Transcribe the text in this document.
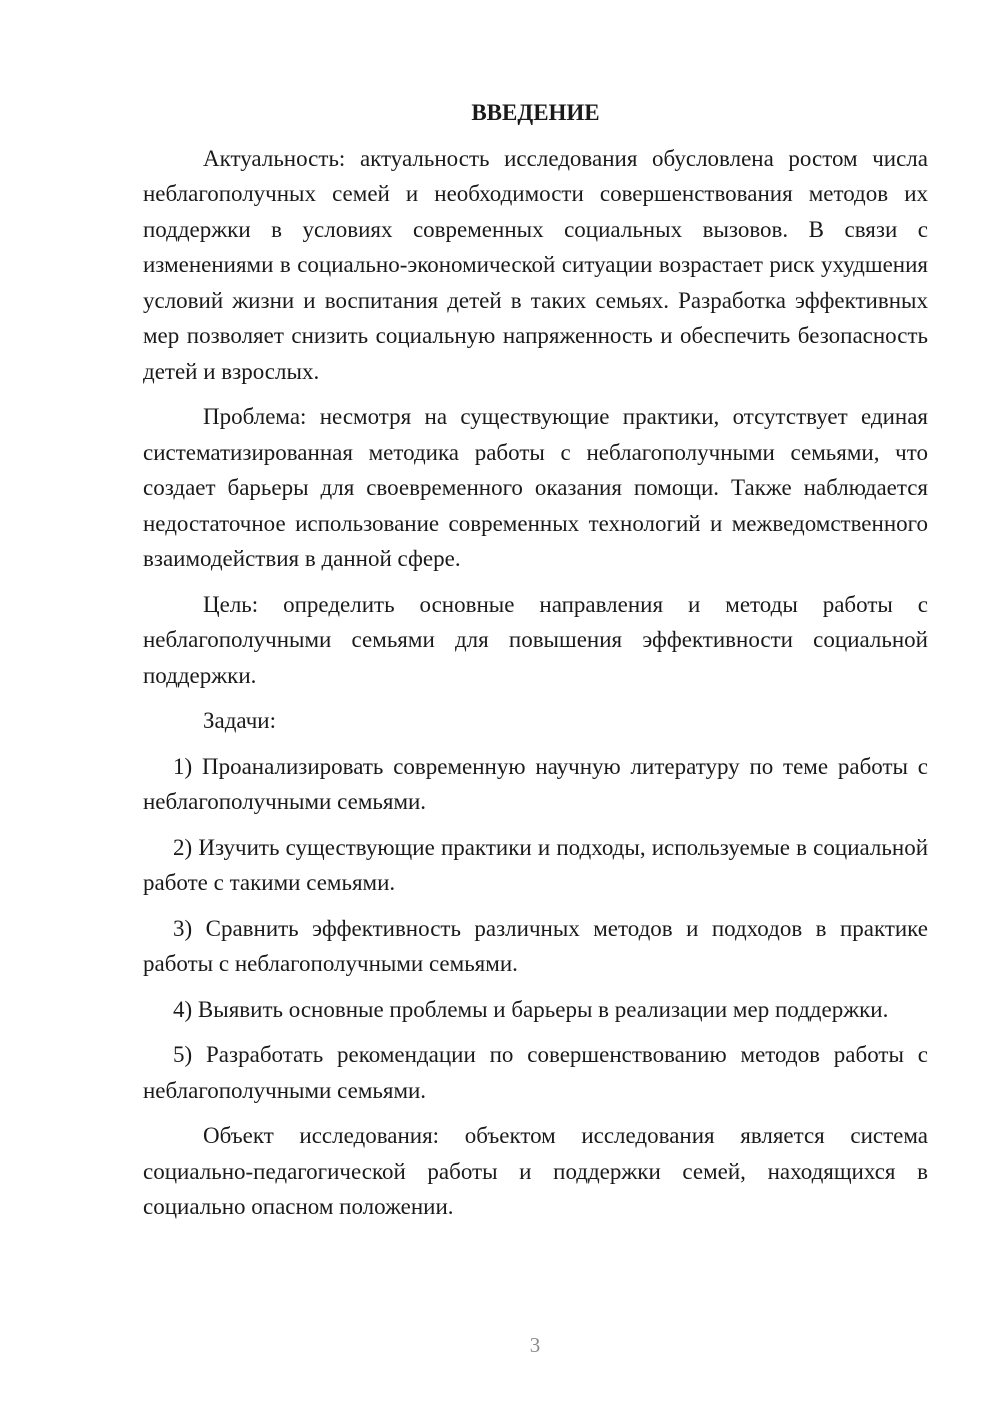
ВВЕДЕНИЕ

Актуальность: актуальность исследования обусловлена ростом числа неблагополучных семей и необходимости совершенствования методов их поддержки в условиях современных социальных вызовов. В связи с изменениями в социально-экономической ситуации возрастает риск ухудшения условий жизни и воспитания детей в таких семьях. Разработка эффективных мер позволяет снизить социальную напряженность и обеспечить безопасность детей и взрослых.

Проблема: несмотря на существующие практики, отсутствует единая систематизированная методика работы с неблагополучными семьями, что создает барьеры для своевременного оказания помощи. Также наблюдается недостаточное использование современных технологий и межведомственного взаимодействия в данной сфере.

Цель: определить основные направления и методы работы с неблагополучными семьями для повышения эффективности социальной поддержки.

Задачи:

1) Проанализировать современную научную литературу по теме работы с неблагополучными семьями.

2) Изучить существующие практики и подходы, используемые в социальной работе с такими семьями.

3) Сравнить эффективность различных методов и подходов в практике работы с неблагополучными семьями.

4) Выявить основные проблемы и барьеры в реализации мер поддержки.

5) Разработать рекомендации по совершенствованию методов работы с неблагополучными семьями.

Объект исследования: объектом исследования является система социально-педагогической работы и поддержки семей, находящихся в социально опасном положении.

3
